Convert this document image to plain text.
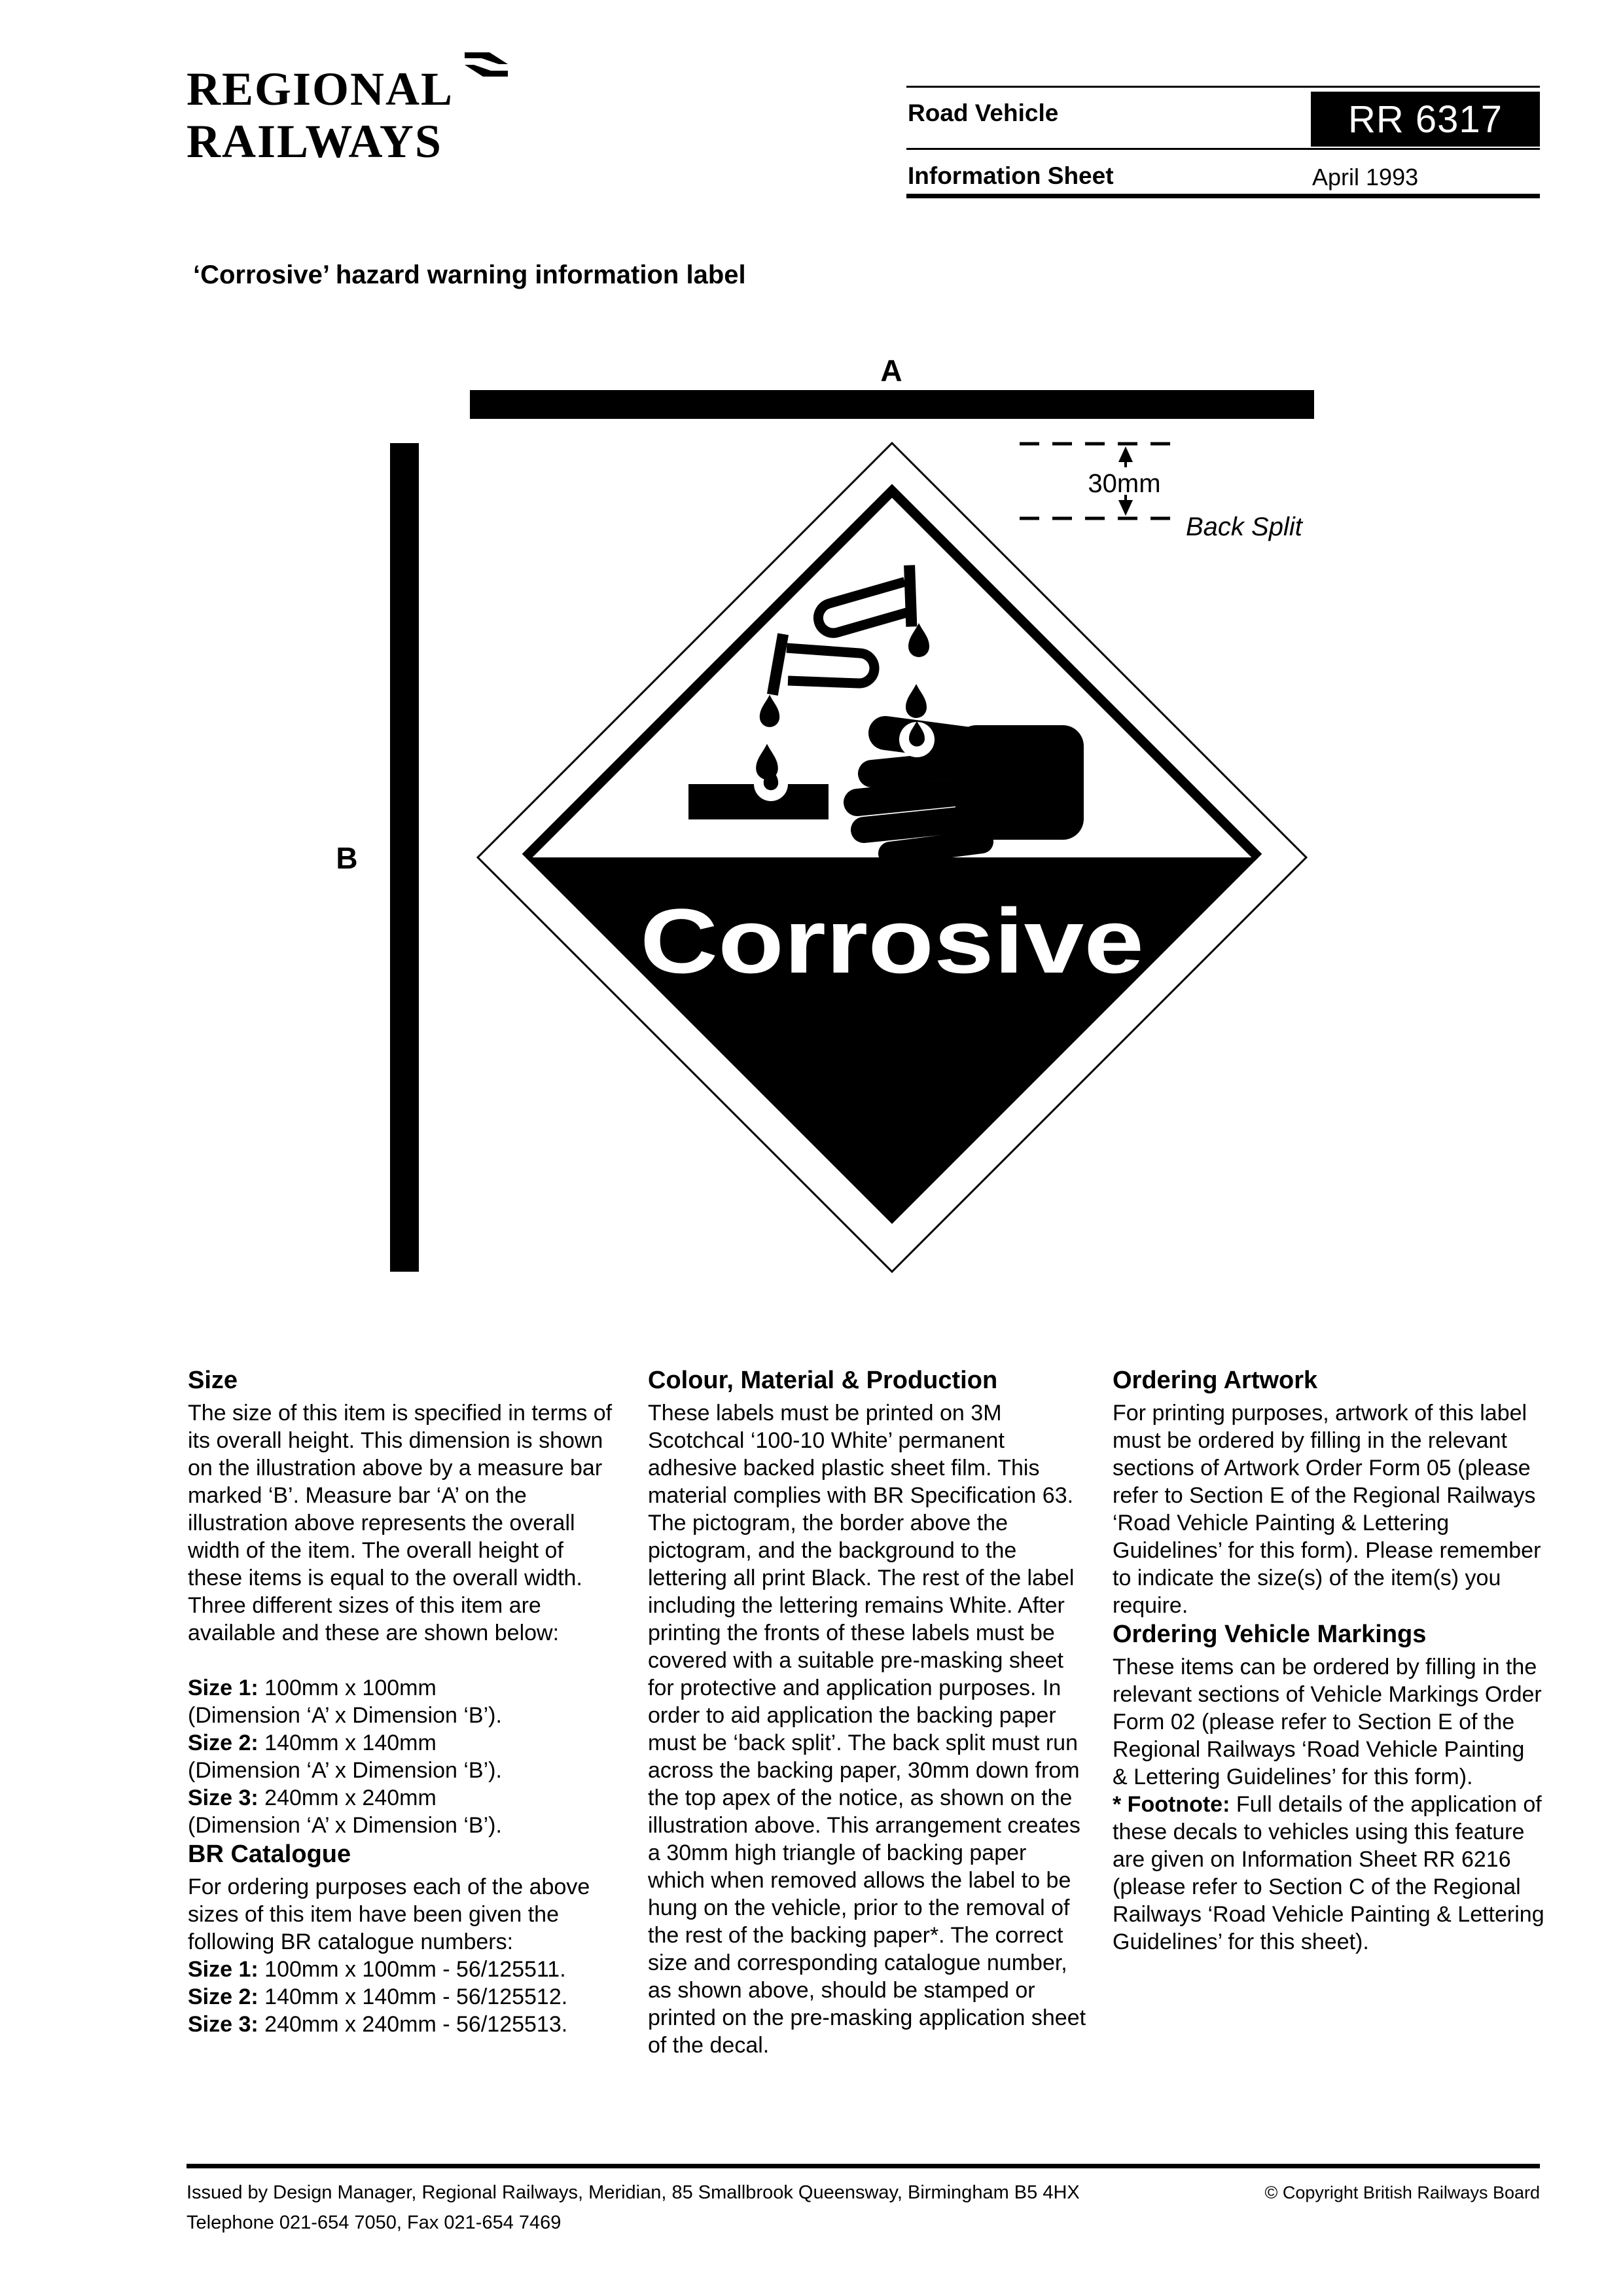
REGIONAL
RAILWAYS
Road Vehicle	RR 6317
Information Sheet	April 1993
‘Corrosive’ hazard warning information label
A
B
Corrosive
30mm
Back Split
Size

The size of this item is specified in terms of its overall height. This dimension is shown on the illustration above by a measure bar marked ‘B’. Measure bar ‘A’ on the illustration above represents the overall width of the item. The overall height of these items is equal to the overall width.

Three different sizes of this item are available and these are shown below:

Size 1: 100mm x 100mm
(Dimension ‘A’ x Dimension ‘B’).
Size 2: 140mm x 140mm
(Dimension ‘A’ x Dimension ‘B’).
Size 3: 240mm x 240mm
(Dimension ‘A’ x Dimension ‘B’).
BR Catalogue

For ordering purposes each of the above sizes of this item have been given the following BR catalogue numbers:

Size 1: 100mm x 100mm - 56/125511.
Size 2: 140mm x 140mm - 56/125512.
Size 3: 240mm x 240mm - 56/125513.
Colour, Material & Production

These labels must be printed on 3M Scotchcal ‘100-10 White’ permanent adhesive backed plastic sheet film. This material complies with BR Specification 63. The pictogram, the border above the pictogram, and the background to the lettering all print Black. The rest of the label including the lettering remains White. After printing the fronts of these labels must be covered with a suitable pre-masking sheet for protective and application purposes. In order to aid application the backing paper must be ‘back split’. The back split must run across the backing paper, 30mm down from the top apex of the notice, as shown on the illustration above. This arrangement creates a 30mm high triangle of backing paper which when removed allows the label to be hung on the vehicle, prior to the removal of the rest of the backing paper*. The correct size and corresponding catalogue number, as shown above, should be stamped or printed on the pre-masking application sheet of the decal.

Ordering Artwork

For printing purposes, artwork of this label must be ordered by filling in the relevant sections of Artwork Order Form 05 (please refer to Section E of the Regional Railways ‘Road Vehicle Painting & Lettering Guidelines’ for this form). Please remember to indicate the size(s) of the item(s) you require.

Ordering Vehicle Markings

These items can be ordered by filling in the relevant sections of Vehicle Markings Order Form 02 (please refer to Section E of the Regional Railways ‘Road Vehicle Painting & Lettering Guidelines’ for this form).

* Footnote: Full details of the application of these decals to vehicles using this feature are given on Information Sheet RR 6216 (please refer to Section C of the Regional Railways ‘Road Vehicle Painting & Lettering Guidelines’ for this sheet).

Issued by Design Manager, Regional Railways, Meridian, 85 Smallbrook Queensway, Birmingham B5 4HX	© Copyright British Railways Board
Telephone 021-654 7050, Fax 021-654 7469
